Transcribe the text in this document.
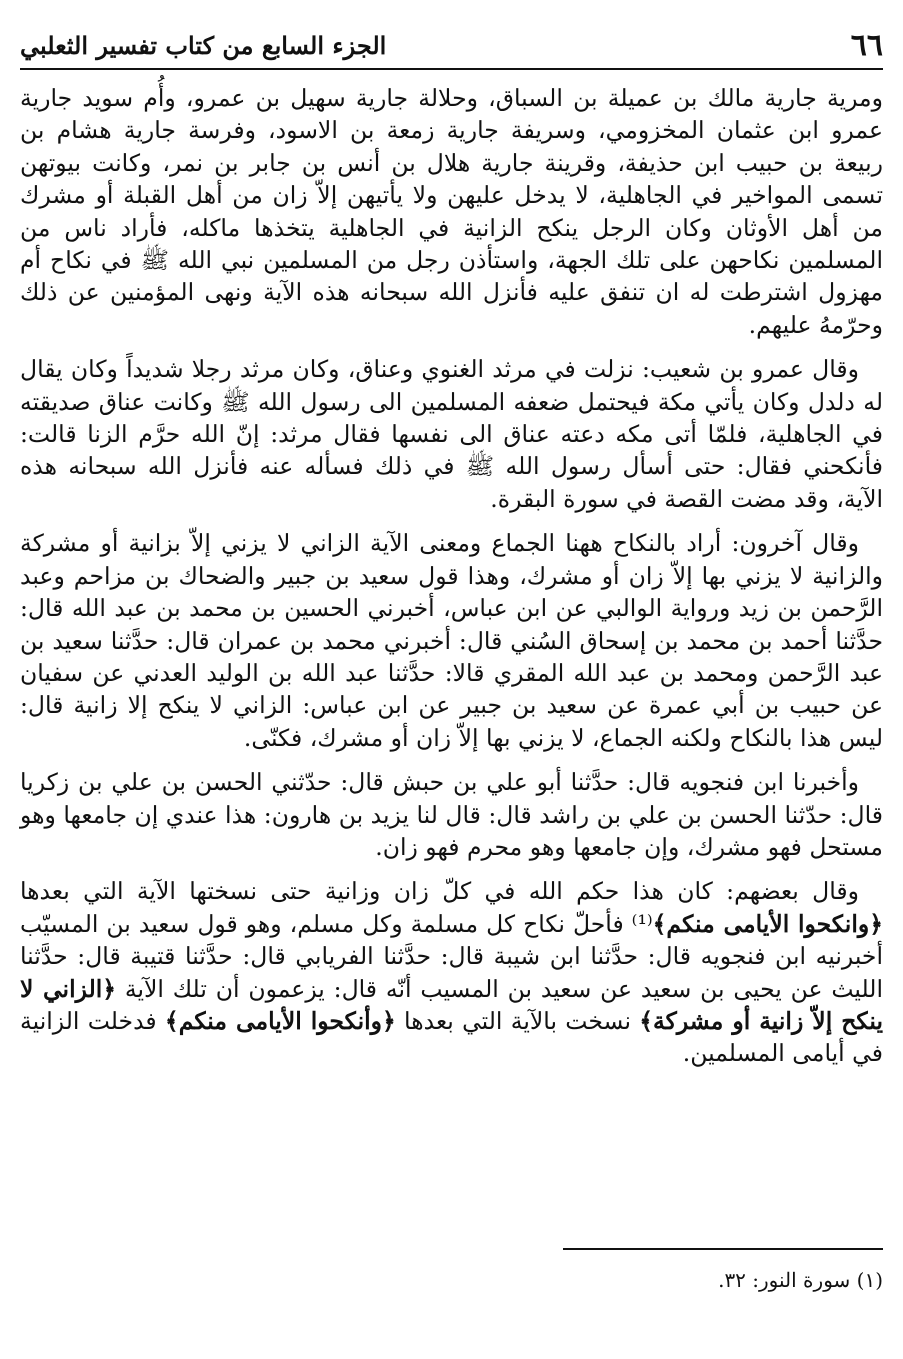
٦٦
الجزء السابع من كتاب تفسير الثعلبي

ومرية جارية مالك بن عميلة بن السباق، وحلالة جارية سهيل بن عمرو، وأُم سويد جارية عمرو ابن عثمان المخزومي، وسريفة جارية زمعة بن الاسود، وفرسة جارية هشام بن ربيعة بن حبيب ابن حذيفة، وقرينة جارية هلال بن أنس بن جابر بن نمر، وكانت بيوتهن تسمى المواخير في الجاهلية، لا يدخل عليهن ولا يأتيهن إلاّ زان من أهل القبلة أو مشرك من أهل الأوثان وكان الرجل ينكح الزانية في الجاهلية يتخذها ماكله، فأراد ناس من المسلمين نكاحهن على تلك الجهة، واستأذن رجل من المسلمين نبي الله ﷺ في نكاح أم مهزول اشترطت له ان تنفق عليه فأنزل الله سبحانه هذه الآية ونهى المؤمنين عن ذلك وحرّمهُ عليهم.

وقال عمرو بن شعيب: نزلت في مرثد الغنوي وعناق، وكان مرثد رجلا شديداً وكان يقال له دلدل وكان يأتي مكة فيحتمل ضعفه المسلمين الى رسول الله ﷺ وكانت عناق صديقته في الجاهلية، فلمّا أتى مكه دعته عناق الى نفسها فقال مرثد: إنّ الله حرَّم الزنا قالت: فأنكحني فقال: حتى أسأل رسول الله ﷺ في ذلك فسأله عنه فأنزل الله سبحانه هذه الآية، وقد مضت القصة في سورة البقرة.

وقال آخرون: أراد بالنكاح ههنا الجماع ومعنى الآية الزاني لا يزني إلاّ بزانية أو مشركة والزانية لا يزني بها إلاّ زان أو مشرك، وهذا قول سعيد بن جبير والضحاك بن مزاحم وعبد الرَّحمن بن زيد ورواية الوالبي عن ابن عباس، أخبرني الحسين بن محمد بن عبد الله قال: حدَّثنا أحمد بن محمد بن إسحاق السُني قال: أخبرني محمد بن عمران قال: حدَّثنا سعيد بن عبد الرَّحمن ومحمد بن عبد الله المقري قالا: حدَّثنا عبد الله بن الوليد العدني عن سفيان عن حبيب بن أبي عمرة عن سعيد بن جبير عن ابن عباس: الزاني لا ينكح إلا زانية قال: ليس هذا بالنكاح ولكنه الجماع، لا يزني بها إلاّ زان أو مشرك، فكنّى.

وأخبرنا ابن فنجويه قال: حدَّثنا أبو علي بن حبش قال: حدّثني الحسن بن علي بن زكريا قال: حدّثنا الحسن بن علي بن راشد قال: قال لنا يزيد بن هارون: هذا عندي إن جامعها وهو مستحل فهو مشرك، وإن جامعها وهو محرم فهو زان.

وقال بعضهم: كان هذا حكم الله في كلّ زان وزانية حتى نسختها الآية التي بعدها ﴿وانكحوا الأيامى منكم﴾⁽¹⁾ فأحلّ نكاح كل مسلمة وكل مسلم، وهو قول سعيد بن المسيّب أخبرنيه ابن فنجويه قال: حدَّثنا ابن شيبة قال: حدَّثنا الفريابي قال: حدَّثنا قتيبة قال: حدَّثنا الليث عن يحيى بن سعيد عن سعيد بن المسيب أنّه قال: يزعمون أن تلك الآية ﴿الزاني لا ينكح إلاّ زانية أو مشركة﴾ نسخت بالآية التي بعدها ﴿وأنكحوا الأيامى منكم﴾ فدخلت الزانية في أيامى المسلمين.

(١) سورة النور: ٣٢.
